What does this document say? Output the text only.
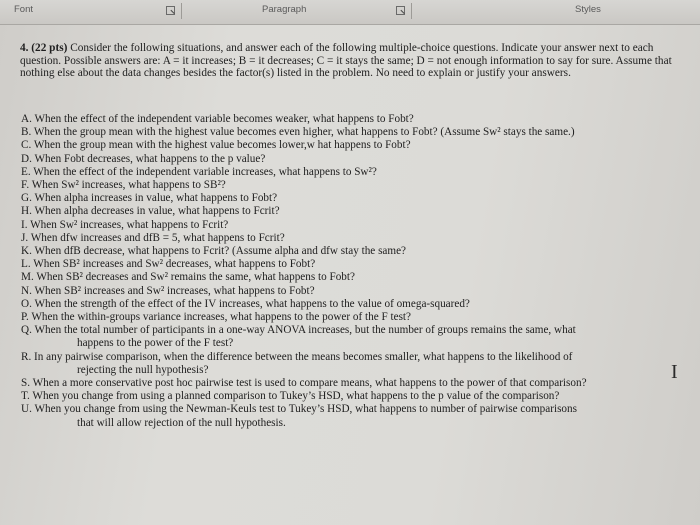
Font	Paragraph	Styles
4. (22 pts) Consider the following situations, and answer each of the following multiple-choice questions. Indicate your answer next to each question. Possible answers are: A = it increases; B = it decreases; C = it stays the same; D = not enough information to say for sure. Assume that nothing else about the data changes besides the factor(s) listed in the problem. No need to explain or justify your answers.

A. When the effect of the independent variable becomes weaker, what happens to Fobt?

B. When the group mean with the highest value becomes even higher, what happens to Fobt? (Assume Sw² stays the same.)

C. When the group mean with the highest value becomes lower,w hat happens to Fobt?

D. When Fobt decreases, what happens to the p value?

E. When the effect of the independent variable increases, what happens to Sw²?

F. When Sw² increases, what happens to SB²?

G. When alpha increases in value, what happens to Fobt?

H. When alpha decreases in value, what happens to Fcrit?

I. When Sw² increases, what happens to Fcrit?

J. When dfw increases and dfB = 5, what happens to Fcrit?

K. When dfB decrease, what happens to Fcrit? (Assume alpha and dfw stay the same?

L. When SB² increases and Sw² decreases, what happens to Fobt?

M. When SB² decreases and Sw² remains the same, what happens to Fobt?

N. When SB² increases and Sw² increases, what happens to Fobt?

O. When the strength of the effect of the IV increases, what happens to the value of omega-squared?

P. When the within-groups variance increases, what happens to the power of the F test?

Q. When the total number of participants in a one-way ANOVA increases, but the number of groups remains the same, what

happens to the power of the F test?

R. In any pairwise comparison, when the difference between the means becomes smaller, what happens to the likelihood of

rejecting the null hypothesis?

S. When a more conservative post hoc pairwise test is used to compare means, what happens to the power of that comparison?

T. When you change from using a planned comparison to Tukey’s HSD, what happens to the p value of the comparison?

U. When you change from using the Newman-Keuls test to Tukey’s HSD, what happens to number of pairwise comparisons

that will allow rejection of the null hypothesis.

I
